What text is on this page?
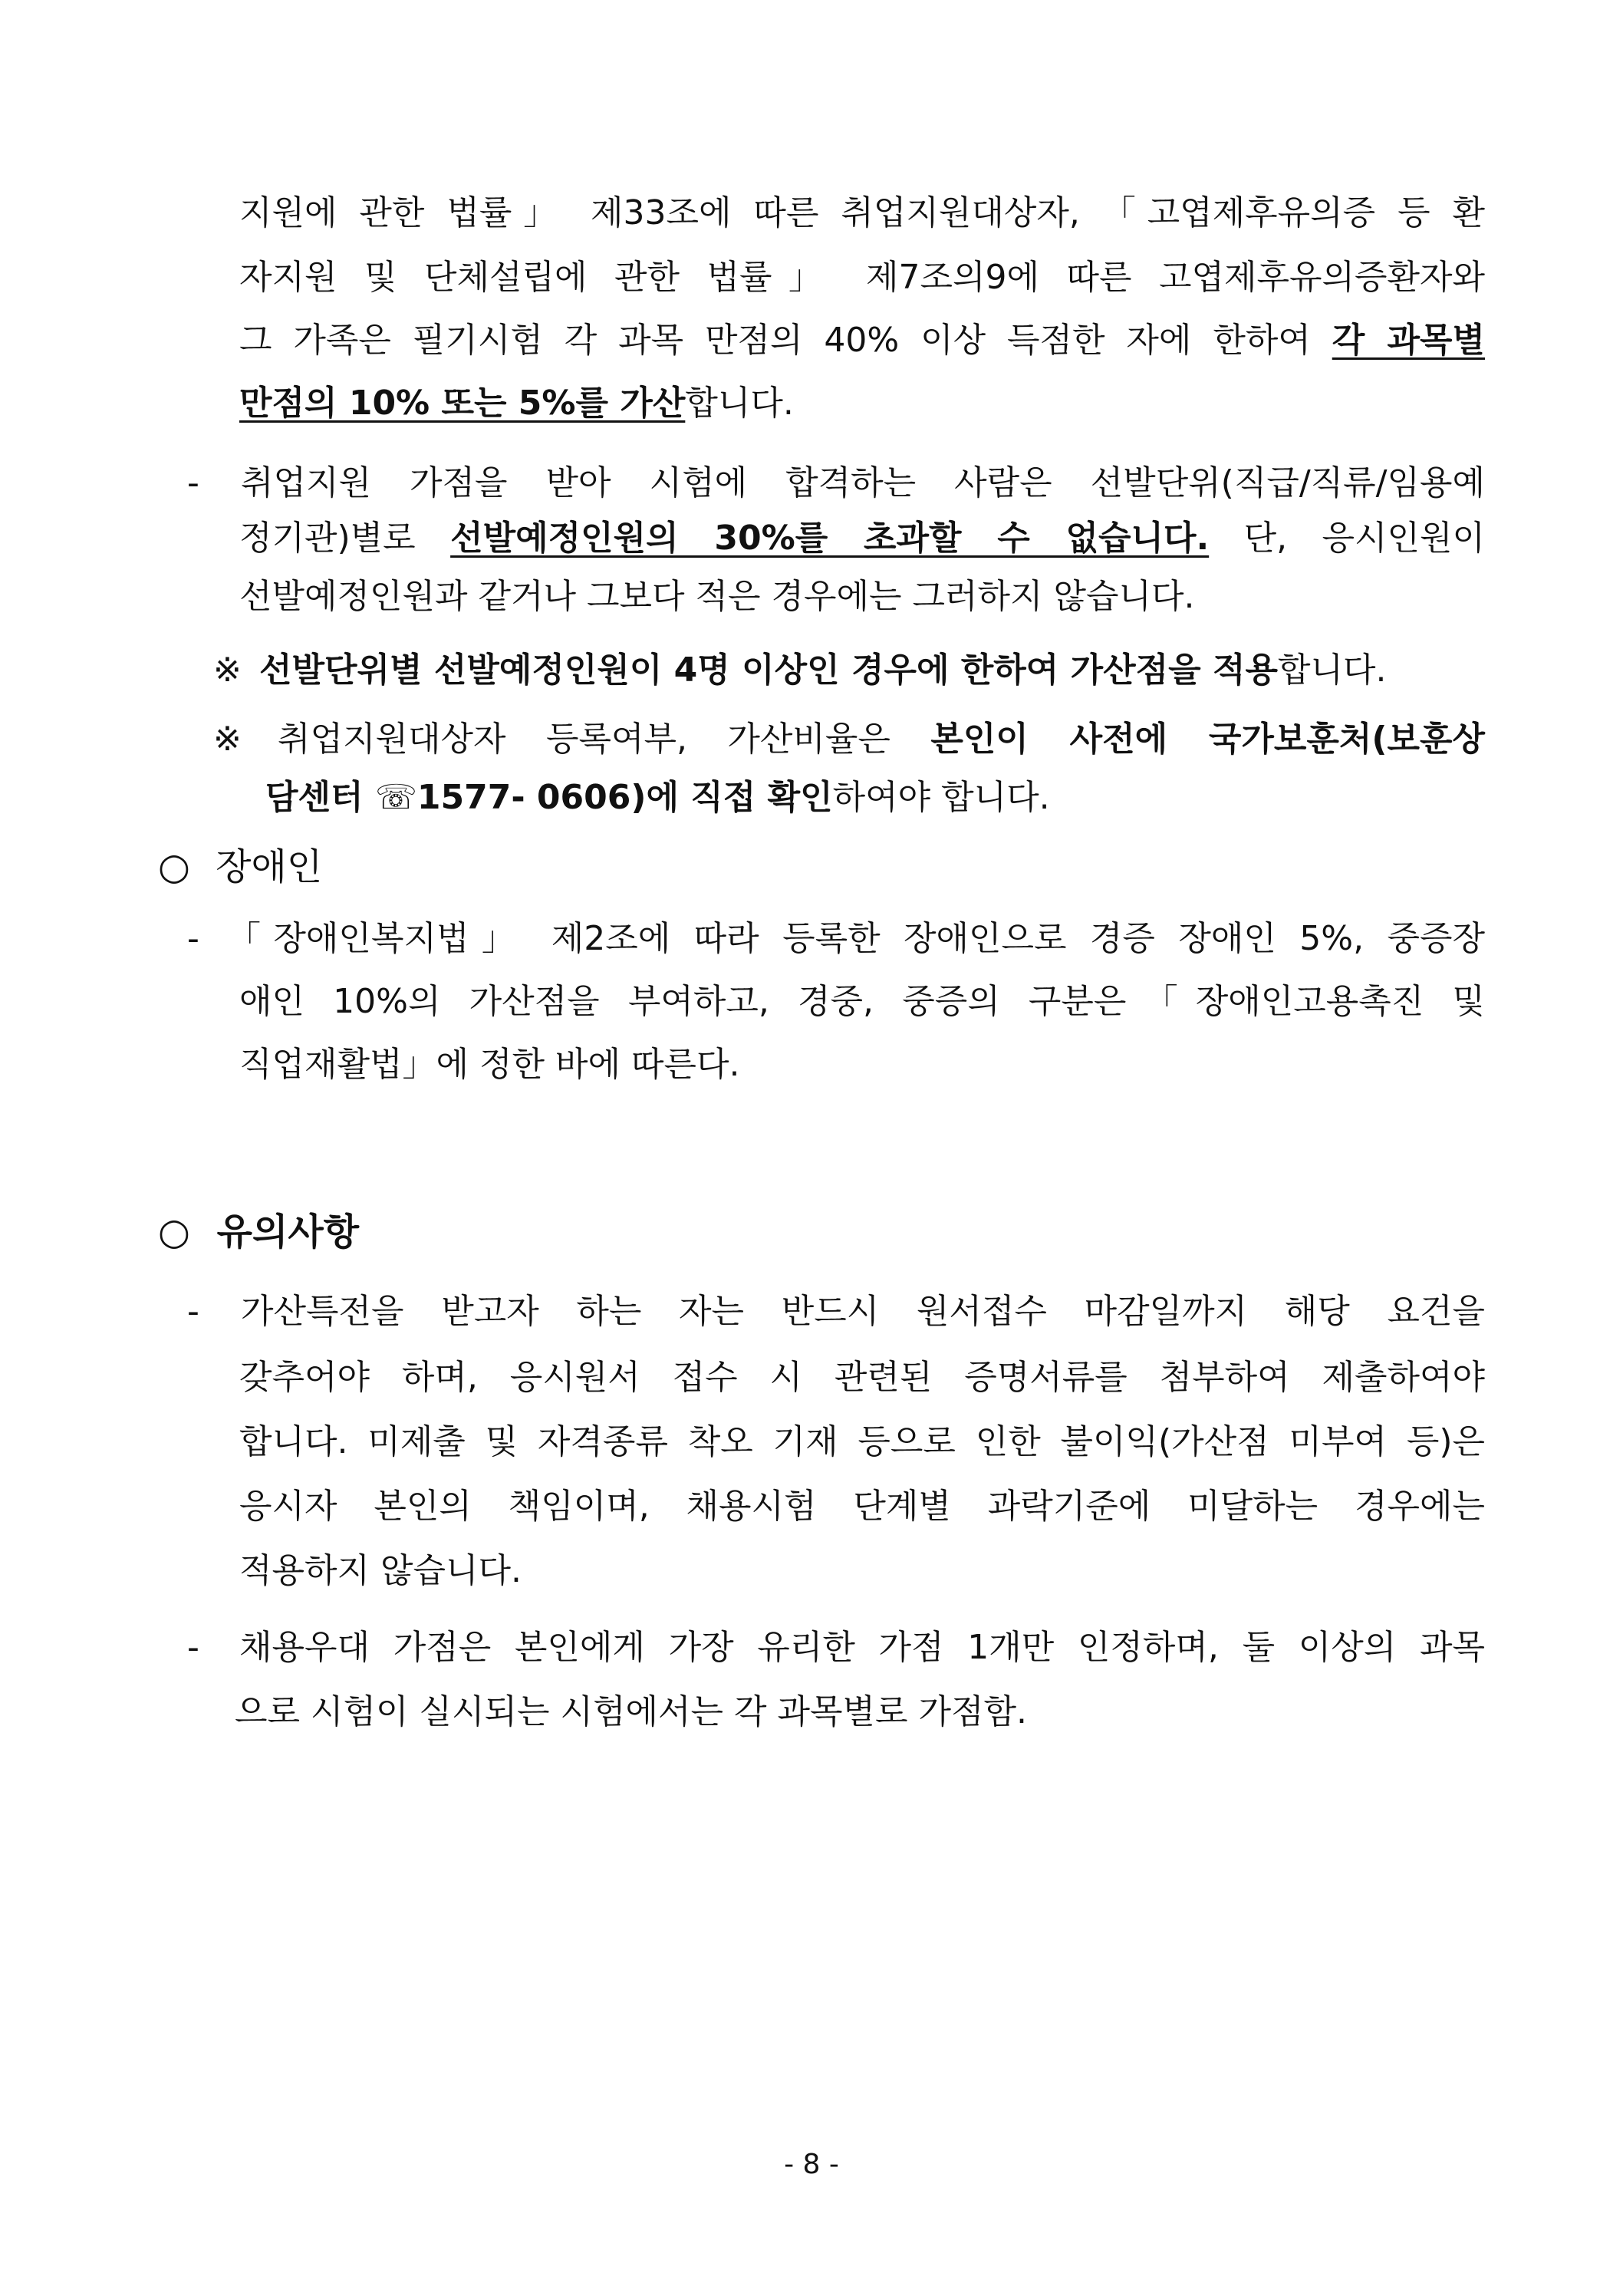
지원에 관한 법률」 제33조에 따른 취업지원대상자, 「고엽제후유의증 등 환
자지원 및 단체설립에 관한 법률」 제7조의9에 따른 고엽제후유의증환자와
그 가족은 필기시험 각 과목 만점의 40% 이상 득점한 자에 한하여 각 과목별
만점의 10% 또는 5%를 가산합니다.
- 취업지원 가점을 받아 시험에 합격하는 사람은 선발단위(직급/직류/임용예
정기관)별로 선발예정인원의 30%를 초과할 수 없습니다. 단, 응시인원이
선발예정인원과 같거나 그보다 적은 경우에는 그러하지 않습니다.
※ 선발단위별 선발예정인원이 4명 이상인 경우에 한하여 가산점을 적용합니다.
※ 취업지원대상자 등록여부, 가산비율은 본인이 사전에 국가보훈처(보훈상
담센터 ☏1577- 0606)에 직접 확인하여야 합니다.
○ 장애인
- 「장애인복지법」 제2조에 따라 등록한 장애인으로 경증 장애인 5%, 중증장
애인 10%의 가산점을 부여하고, 경중, 중증의 구분은「장애인고용촉진 및
직업재활법」에 정한 바에 따른다.
○ 유의사항
- 가산특전을 받고자 하는 자는 반드시 원서접수 마감일까지 해당 요건을
갖추어야 하며, 응시원서 접수 시 관련된 증명서류를 첨부하여 제출하여야
합니다. 미제출 및 자격종류 착오 기재 등으로 인한 불이익(가산점 미부여 등)은
응시자 본인의 책임이며, 채용시험 단계별 과락기준에 미달하는 경우에는
적용하지 않습니다.
- 채용우대 가점은 본인에게 가장 유리한 가점 1개만 인정하며, 둘 이상의 과목
으로 시험이 실시되는 시험에서는 각 과목별로 가점함.
- 8 -
